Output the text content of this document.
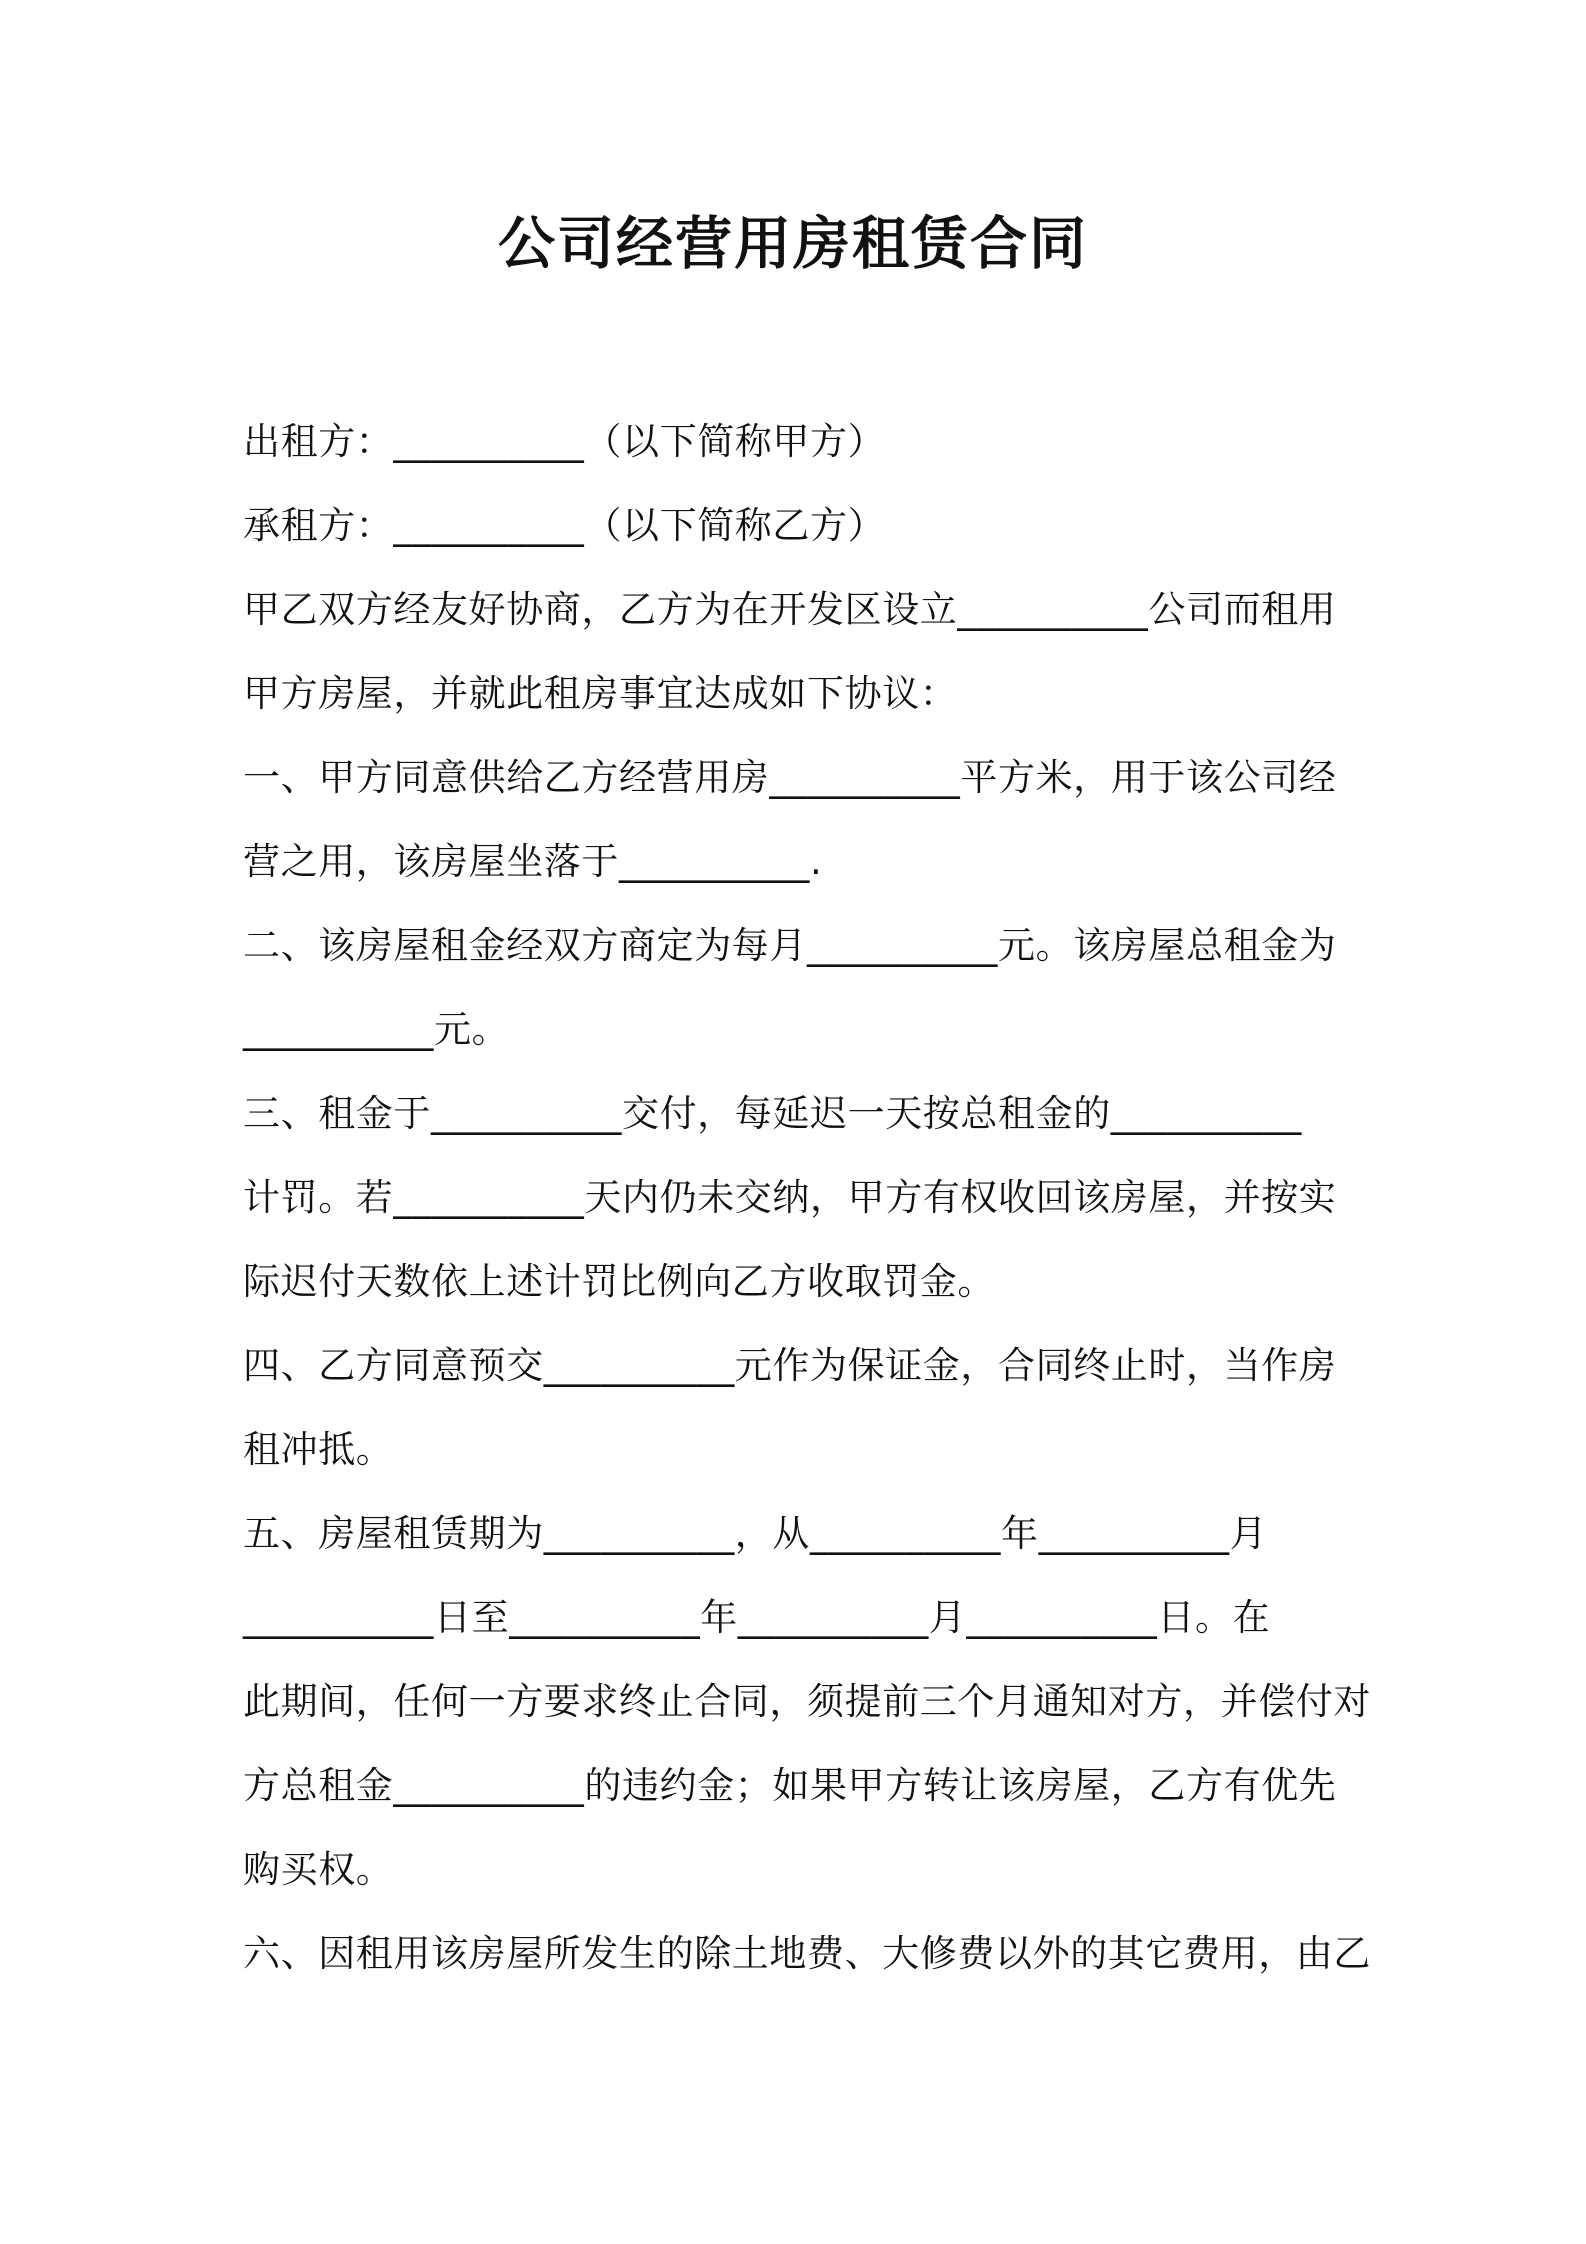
公司经营用房租赁合同
出租方：__________（以下简称甲方）
承租方：__________（以下简称乙方）
甲乙双方经友好协商，乙方为在开发区设立__________公司而租用
甲方房屋，并就此租房事宜达成如下协议：
一、甲方同意供给乙方经营用房__________平方米，用于该公司经
营之用，该房屋坐落于__________.
二、该房屋租金经双方商定为每月__________元。该房屋总租金为
__________元。
三、租金于__________交付，每延迟一天按总租金的__________
计罚。若__________天内仍未交纳，甲方有权收回该房屋，并按实
际迟付天数依上述计罚比例向乙方收取罚金。
四、乙方同意预交__________元作为保证金，合同终止时，当作房
租冲抵。
五、房屋租赁期为__________，从__________年__________月
__________日至__________年__________月__________日。在
此期间，任何一方要求终止合同，须提前三个月通知对方，并偿付对
方总租金__________的违约金；如果甲方转让该房屋，乙方有优先
购买权。
六、因租用该房屋所发生的除土地费、大修费以外的其它费用，由乙
